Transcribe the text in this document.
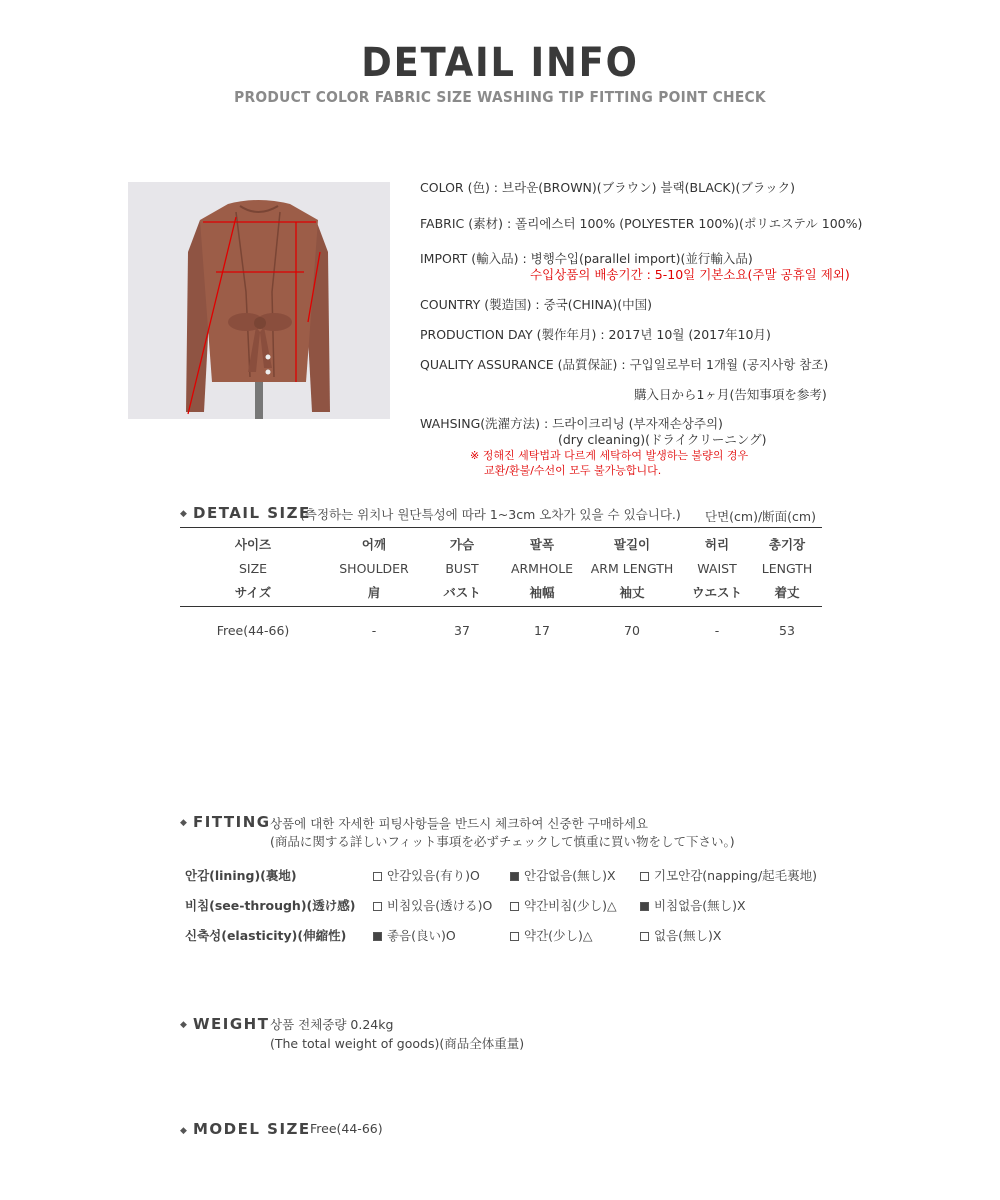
DETAIL INFO
PRODUCT COLOR FABRIC SIZE WASHING TIP FITTING POINT CHECK
COLOR (色) : 브라운(BROWN)(ブラウン) 블랙(BLACK)(ブラック)
FABRIC (素材) : 폴리에스터 100% (POLYESTER 100%)(ポリエステル 100%)
IMPORT (輸入品) : 병행수입(parallel import)(並行輸入品)
수입상품의 배송기간 : 5-10일 기본소요(주말 공휴일 제외)
COUNTRY (製造国) : 중국(CHINA)(中国)
PRODUCTION DAY (製作年月) : 2017년 10월 (2017年10月)
QUALITY ASSURANCE (品質保証) : 구입일로부터 1개월 (공지사항 참조)
購入日から1ヶ月(告知事項を参考)
WAHSING(洗濯方法) : 드라이크리닝 (부자재손상주의)
(dry cleaning)(ドライクリーニング)
※ 정해진 세탁법과 다르게 세탁하여 발생하는 불량의 경우
교환/환불/수선이 모두 불가능합니다.
◆ DETAIL SIZE
(측정하는 위치나 원단특성에 따라 1~3cm 오차가 있을 수 있습니다.) 단면(cm)/断面(cm)
사이즈	어깨	가슴	팔폭	팔길이	허리	총기장
SIZE	SHOULDER	BUST	ARMHOLE	ARM LENGTH	WAIST	LENGTH
サイズ	肩	バスト	袖幅	袖丈	ウエスト	着丈
Free(44-66)	-	37	17	70	-	53
◆ FITTING 상품에 대한 자세한 피팅사항들을 반드시 체크하여 신중한 구매하세요
(商品に関する詳しいフィット事項を必ずチェックして慎重に買い物をして下さい。)
안감(lining)(裏地)	안감있음(有り)O	안감없음(無し)X	기모안감(napping/起毛裏地)
비침(see-through)(透け感)	비침있음(透ける)O	약간비침(少し)△	비침없음(無し)X
신축성(elasticity)(伸縮性)	좋음(良い)O	약간(少し)△	없음(無し)X
◆ WEIGHT 상품 전체중량 0.24kg
(The total weight of goods)(商品全体重量)
◆ MODEL SIZE Free(44-66)
